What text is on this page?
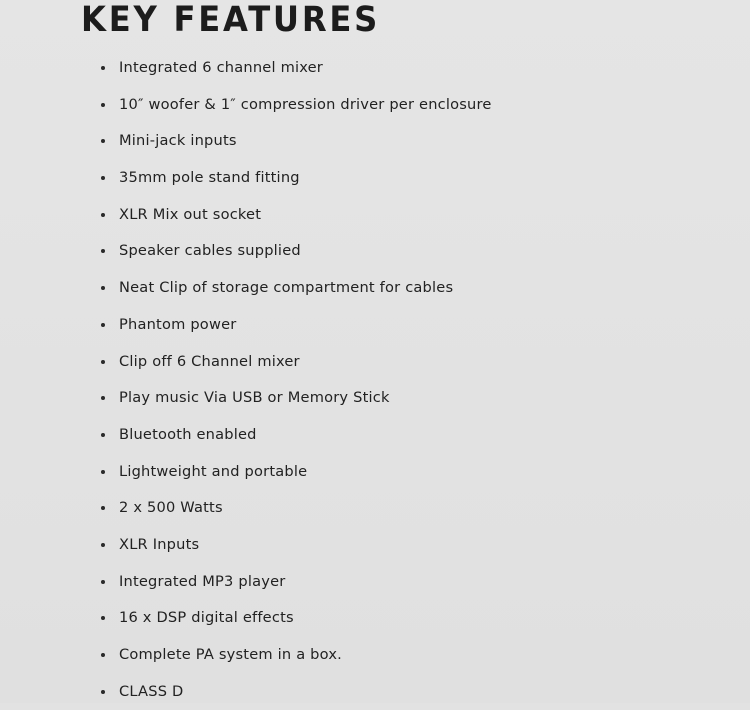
KEY FEATURES
Integrated 6 channel mixer
10″ woofer & 1″ compression driver per enclosure
Mini-jack inputs
35mm pole stand fitting
XLR Mix out socket
Speaker cables supplied
Neat Clip of storage compartment for cables
Phantom power
Clip off 6 Channel mixer
Play music Via USB or Memory Stick
Bluetooth enabled
Lightweight and portable
2 x 500 Watts
XLR Inputs
Integrated MP3 player
16 x DSP digital effects
Complete PA system in a box.
CLASS D
